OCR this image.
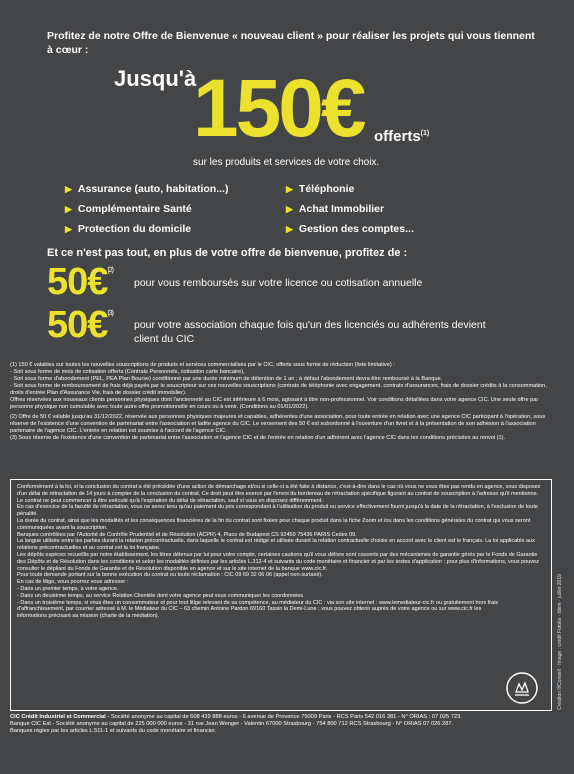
Profitez de notre Offre de Bienvenue « nouveau client » pour réaliser les projets qui vous tiennent à cœur :
Jusqu'à
150€ offerts$^{(1)}$
sur les produits et services de votre choix.
▶ Assurance (auto, habitation...)
▶ Complémentaire Santé
▶ Protection du domicile
▶ Téléphonie
▶ Achat Immobilier
▶ Gestion des comptes...
Et ce n'est pas tout, en plus de votre offre de bienvenue, profitez de :
50€$^{(2)}$
pour vous remboursés sur votre licence ou cotisation annuelle
50€$^{(3)}$
pour votre association chaque fois qu'un des licenciés ou adhérents devient client du CIC

(1) 150 € valables sur toutes les nouvelles souscriptions de produits et services commercialisés par le CIC, offerts sous forme de réduction (liste limitative) :

- Soit sous forme de mois de cotisation offerts (Contrats Personnels, cotisation carte bancaire),

- Soit sous forme d'abondement (PEL, PEA Plan Bourse) conditionné par une durée minimum de détention de 1 an ; à défaut l'abondement devra être remboursé à la Banque.

- Soit sous forme de remboursement de frais déjà payés par le souscripteur sur ces nouvelles souscriptions (contrats de téléphonie avec engagement, contrats d'assurances, frais de dossier crédits à la consommation, droits d'entrée Plan d'Assurance Vie, frais de dossier crédit immobilier).

Offres réservées aux nouveaux clients personnes physiques dont l'ancienneté au CIC est inférieure à 6 mois, agissant à titre non-professionnel. Voir conditions détaillées dans votre agence CIC. Une seule offre par personne physique non cumulable avec toute autre offre promotionnelle en cours ou à venir. (Conditions au 01/01/2022).

(2) Offre de 50 € valable jusqu'au 31/12/2022, réservée aux personnes physiques majeures et capables, adhérentes d'une association, pour toute entrée en relation avec une agence CIC participant à l'opération, sous réserve de l'existence d'une convention de partenariat entre l'association et ladite agence du CIC. Le versement des 50 € est subordonné à l'ouverture d'un livret et à la présentation de son adhésion à l'association partenaire de l'agence CIC. L'entrée en relation est soumise à l'accord de l'agence CIC.

(3) Sous réserve de l'existence d'une convention de partenariat entre l'association et l'agence CIC et de l'entrée en relation d'un adhérent avec l'agence CIC dans les conditions précisées au renvoi (1).

Conformément à la loi, si la conclusion du contrat a été précédée d'une action de démarchage et/ou si celle-ci a été faite à distance, c'est-à-dire dans le cas où vous ne vous êtes pas rendu en agence, vous disposez d'un délai de rétractation de 14 jours à compter de la conclusion du contrat. Ce droit peut être exercé par l'envoi du bordereau de rétractation spécifique figurant au contrat de souscription à l'adresse qu'il mentionne. Le contrat ne peut commencer à être exécuté qu'à l'expiration du délai de rétractation, sauf si vous en disposez différemment.

En cas d'exercice de la faculté de rétractation, vous ne serez tenu qu'au paiement du prix correspondant à l'utilisation du produit ou service effectivement fourni jusqu'à la date de la rétractation, à l'exclusion de toute pénalité.

La durée du contrat, ainsi que les modalités et les conséquences financières de la fin du contrat sont fixées pour chaque produit dans la fiche Zoom et /ou dans les conditions générales du contrat qui vous seront communiquées avant la souscription.

Banques contrôlées par l'Autorité de Contrôle Prudentiel et de Résolution (ACPR) 4, Place de Budapest CS 92459 75436 PARIS Cedex 09.

La langue utilisée entre les parties durant la relation précontractuelle, dans laquelle le contrat est rédigé et utilisée durant la relation contractuelle choisie en accord avec le client est le français. La loi applicable aux relations précontractuelles et au contrat est la loi française.

Les dépôts espèces recueillis par notre établissement, les titres détenus par lui pour votre compte, certaines cautions qu'il vous délivre sont couverts par des mécanismes de garantie gérés par le Fonds de Garantie des Dépôts et de Résolution dans les conditions et selon les modalités définies par les articles L.312-4 et suivants du code monétaire et financier et par les textes d'application : pour plus d'informations, vous pouvez consulter le dépliant du Fonds de Garantie et de Résolution disponible en agence et sur le site internet de la banque www.cic.fr.

Pour toute demande portant sur la bonne exécution du contrat ou toute réclamation : CIC 09 69 32 06 06 (appel non-surtaxé).

En cas de litige, vous pourrez vous adresser :

- Dans un premier temps, à votre agence.

- Dans un deuxième temps, au service Relation Clientèle dont votre agence peut vous communiquer les coordonnées.

- Dans un troisième temps, si vous êtes un consommateur et pour tout litige relevant de sa compétence, au médiateur du CIC : via son site internet : www.lemediateur-cic.fr ou gratuitement hors frais d'affranchissement, par courrier adressé à M. le Médiateur du CIC – 63 chemin Antoine Pardon 69160 Tassin la Demi-Lune ; vous pouvez obtenir auprès de votre agence ou sur www.cic.fr les informations précisant sa mission (charte de la médiation).

CIC Crédit Industriel et Commercial - Société anonyme au capital de 608 439 888 euros - 6 avenue de Provence 75009 Paris - RCS Paris 542 016 381 - N° ORIAS : 07 025 723.
Banque CIC Est - Société anonyme au capital de 225 000 000 euros - 31 rue Jean Wenger - Valentin 67000 Strasbourg - 754 800 712 RCS Strasbourg - N° ORIAS 07 026 287.
Banques régies par les articles L.511-1 et suivants du code monétaire et financier.
Création Il/Conseil · Image : crédit Fotolia · Idem · juillet 2019
